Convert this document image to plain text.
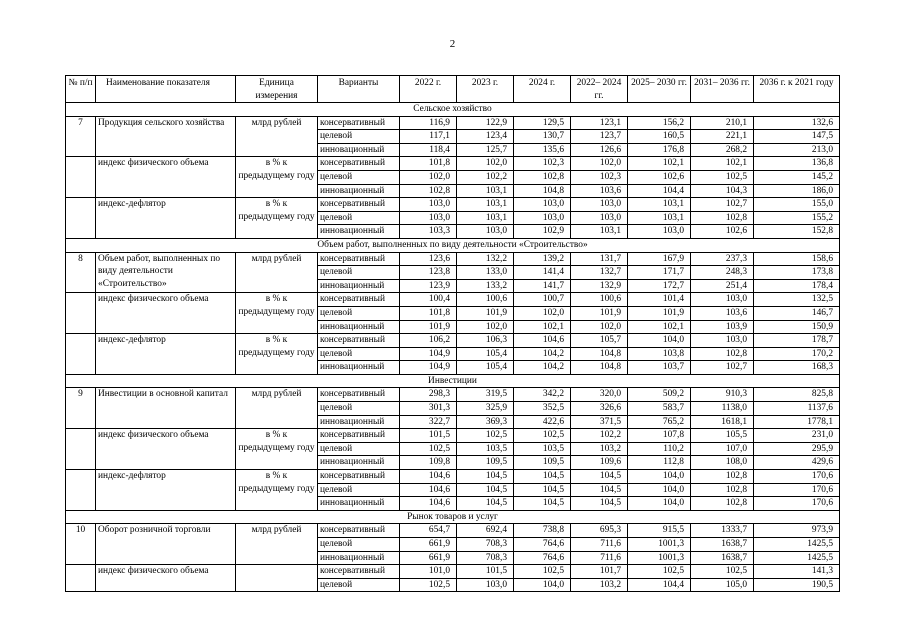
2
№ п/п	Наименование показателя	Единица измерения	Варианты	2022 г.	2023 г.	2024 г.	2022– 2024 гг.	2025– 2030 гг.	2031– 2036 гг.	2036 г. к 2021 году
Сельское хозяйство										
7	Продукция сельского хозяйства	млрд рублей	консервативный	116,9	122,9	129,5	123,1	156,2	210,1	132,6
			целевой	117,1	123,4	130,7	123,7	160,5	221,1	147,5
			инновационный	118,4	125,7	135,6	126,6	176,8	268,2	213,0
	индекс физического объема	в % к предыдущему году	консервативный	101,8	102,0	102,3	102,0	102,1	102,1	136,8
			целевой	102,0	102,2	102,8	102,3	102,6	102,5	145,2
			инновационный	102,8	103,1	104,8	103,6	104,4	104,3	186,0
	индекс-дефлятор	в % к предыдущему году	консервативный	103,0	103,1	103,0	103,0	103,1	102,7	155,0
			целевой	103,0	103,1	103,0	103,0	103,1	102,8	155,2
			инновационный	103,3	103,0	102,9	103,1	103,0	102,6	152,8
Объем работ, выполненных по виду деятельности «Строительство»										
8	Объем работ, выполненных по виду деятельности «Строительство»	млрд рублей	консервативный	123,6	132,2	139,2	131,7	167,9	237,3	158,6
			целевой	123,8	133,0	141,4	132,7	171,7	248,3	173,8
			инновационный	123,9	133,2	141,7	132,9	172,7	251,4	178,4
	индекс физического объема	в % к предыдущему году	консервативный	100,4	100,6	100,7	100,6	101,4	103,0	132,5
			целевой	101,8	101,9	102,0	101,9	101,9	103,6	146,7
			инновационный	101,9	102,0	102,1	102,0	102,1	103,9	150,9
	индекс-дефлятор	в % к предыдущему году	консервативный	106,2	106,3	104,6	105,7	104,0	103,0	178,7
			целевой	104,9	105,4	104,2	104,8	103,8	102,8	170,2
			инновационный	104,9	105,4	104,2	104,8	103,7	102,7	168,3
Инвестиции										
9	Инвестиции в основной капитал	млрд рублей	консервативный	298,3	319,5	342,2	320,0	509,2	910,3	825,8
			целевой	301,3	325,9	352,5	326,6	583,7	1138,0	1137,6
			инновационный	322,7	369,3	422,6	371,5	765,2	1618,1	1778,1
	индекс физического объема	в % к предыдущему году	консервативный	101,5	102,5	102,5	102,2	107,8	105,5	231,0
			целевой	102,5	103,5	103,5	103,2	110,2	107,0	295,9
			инновационный	109,8	109,5	109,5	109,6	112,8	108,0	429,6
	индекс-дефлятор	в % к предыдущему году	консервативный	104,6	104,5	104,5	104,5	104,0	102,8	170,6
			целевой	104,6	104,5	104,5	104,5	104,0	102,8	170,6
			инновационный	104,6	104,5	104,5	104,5	104,0	102,8	170,6
Рынок товаров и услуг										
10	Оборот розничной торговли	млрд рублей	консервативный	654,7	692,4	738,8	695,3	915,5	1333,7	973,9
			целевой	661,9	708,3	764,6	711,6	1001,3	1638,7	1425,5
			инновационный	661,9	708,3	764,6	711,6	1001,3	1638,7	1425,5
	индекс физического объема		консервативный	101,0	101,5	102,5	101,7	102,5	102,5	141,3
			целевой	102,5	103,0	104,0	103,2	104,4	105,0	190,5
